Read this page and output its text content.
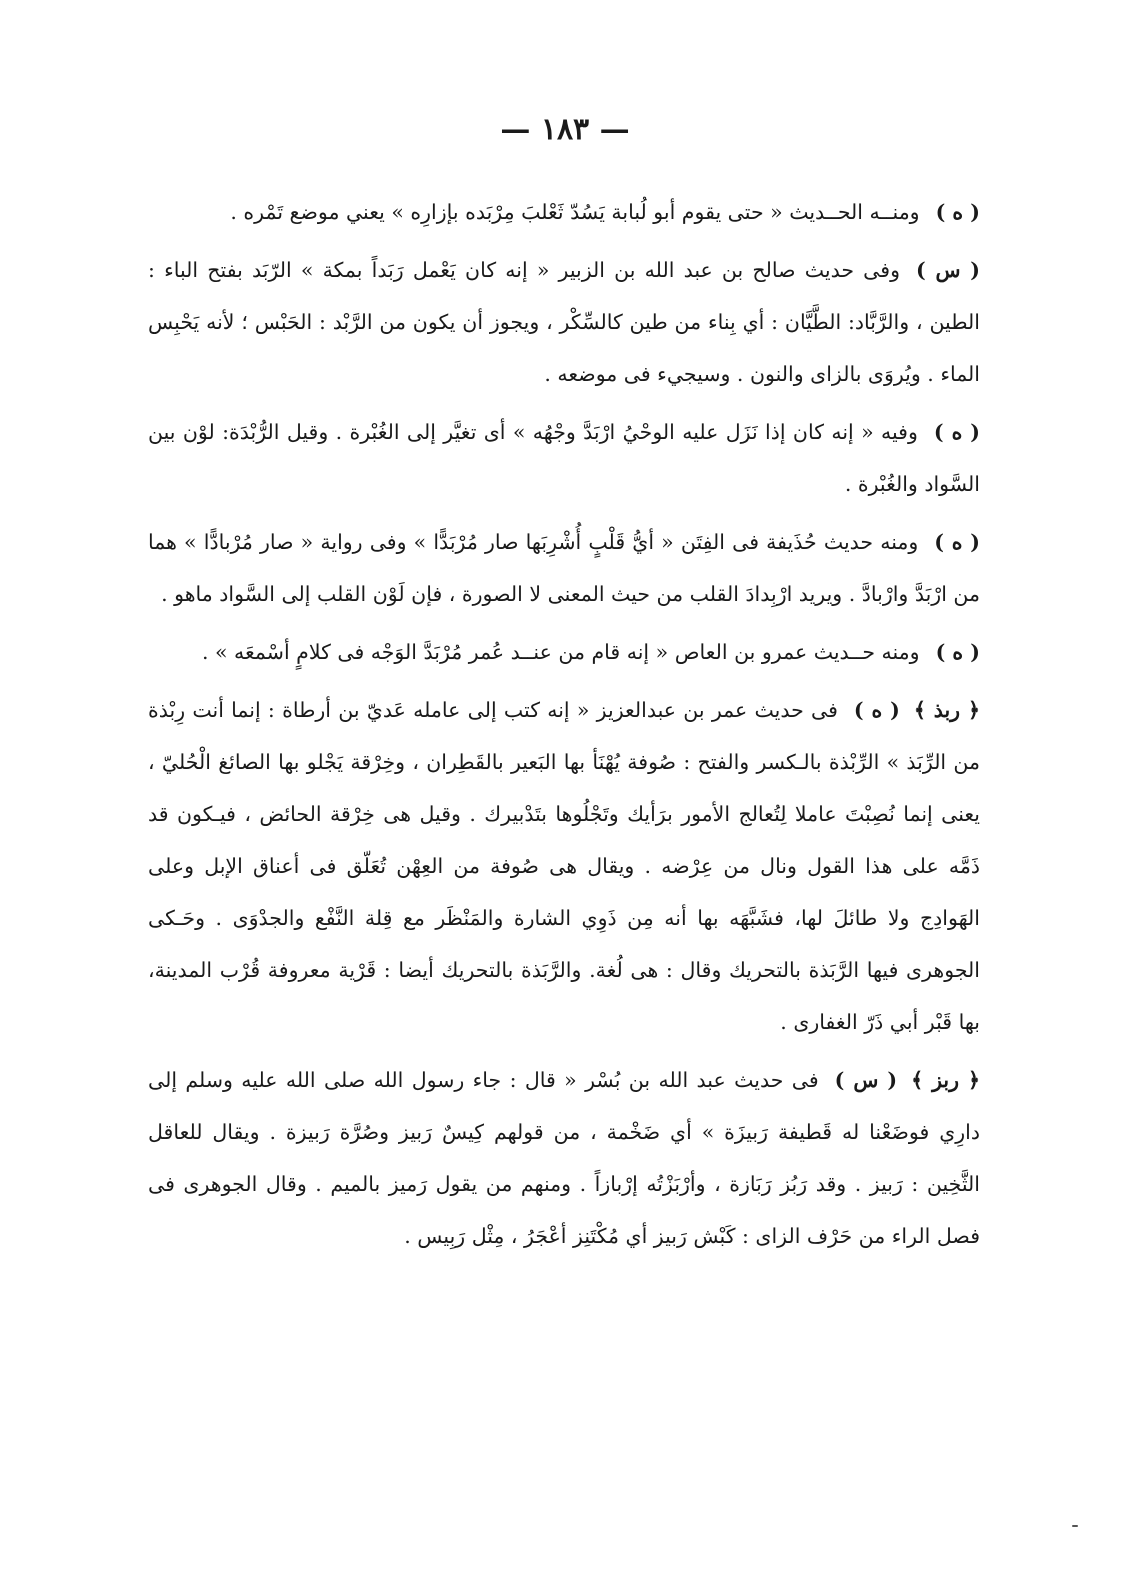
— ١٨٣ —

( ه )ومنــه الحــديث « حتى يقوم أبو لُبابة يَسُدّ ثَعْلبَ مِرْبَده بإزارِه » يعني موضع تَمْره .

( س )وفى حديث صالح بن عبد الله بن الزبير « إنه كان يَعْمل رَبَداً بمكة » الرّبَد بفتح الباء : الطين ، والرَّبَّاد: الطَّيَّان : أي بِناء من طين كالسِّكْر ، ويجوز أن يكون من الرَّبْد : الحَبْس ؛ لأنه يَحْبِس الماء . ويُروَى بالزاى والنون . وسيجيء فى موضعه .

( ه )وفيه « إنه كان إذا نَزَل عليه الوحْيُ ارْبَدَّ وجْهُه » أى تغيَّر إلى الغُبْرة . وقيل الرُّبْدَة: لوْن بين السَّواد والغُبْرة .

( ه )ومنه حديث حُذَيفة فى الفِتَن « أيُّ قَلْبٍ أُشْرِبَها صار مُرْبَدًّا » وفى رواية « صار مُرْبادًّا » هما من ارْبَدَّ وارْبادَّ . ويريد ارْبِدادَ القلب من حيث المعنى لا الصورة ، فإن لَوْن القلب إلى السَّواد ماهو .

( ه )ومنه حــديث عمرو بن العاص « إنه قام من عنــد عُمر مُرْبَدَّ الوَجْه فى كلامٍ أسْمعَه » .

﴿ ربذ ﴾( ه )فى حديث عمر بن عبدالعزيز « إنه كتب إلى عامله عَديّ بن أرطاة : إنما أنت رِبْذة من الرِّبَذ » الرِّبْذة بالـكسر والفتح : صُوفة يُهْنَأ بها البَعير بالقَطِران ، وخِرْقة يَجْلو بها الصائغ الْحُليّ ، يعنى إنما نُصِبْتَ عاملا لِتُعالج الأمور برَأيك وتَجْلُوها بتَدْبيرك . وقيل هى خِرْقة الحائض ، فيـكون قد ذَمَّه على هذا القول ونال من عِرْضه . ويقال هى صُوفة من العِهْن تُعَلّق فى أعناق الإبل وعلى الهَوادِج ولا طائلَ لها، فشَبَّهَه بها أنه مِن ذَوِي الشارة والمَنْظَر مع قِلة النَّفْع والجدْوَى . وحَـكى الجوهرى فيها الرَّبَذة بالتحريك وقال : هى لُغة. والرَّبَذة بالتحريك أيضا : قَرْية معروفة قُرْب المدينة، بها قَبْر أبي ذَرّ الغفارى .

﴿ ربز ﴾( س )فى حديث عبد الله بن بُسْر « قال : جاء رسول الله صلى الله عليه وسلم إلى دارِي فوضَعْنا له قَطيفة رَبيزَة » أي ضَخْمة ، من قولهم كِيسٌ رَبيز وصُرَّة رَبيزة . ويقال للعاقل الثَّخِين : رَبيز . وقد رَبُز رَبَازة ، وأرْبَزْتُه إرْبازاً . ومنهم من يقول رَميز بالميم . وقال الجوهرى فى فصل الراء من حَرْف الزاى : كَبْش رَبيز أي مُكْتَنِز أعْجَرُ ، مِثْل رَبِيس .
